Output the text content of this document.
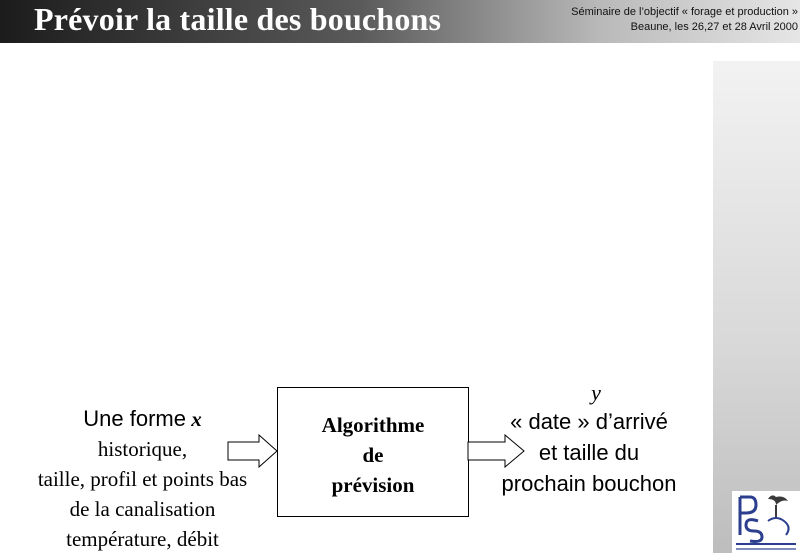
Prévoir la taille des bouchons	Séminaire de l’objectif « forage et production »
Beaune, les 26,27 et 28 Avril 2000
Une forme x
historique,
taille, profil et points bas
de la canalisation
température, débit
Algorithme
de
prévision
y
« date » d’arrivé
et taille du
prochain bouchon
